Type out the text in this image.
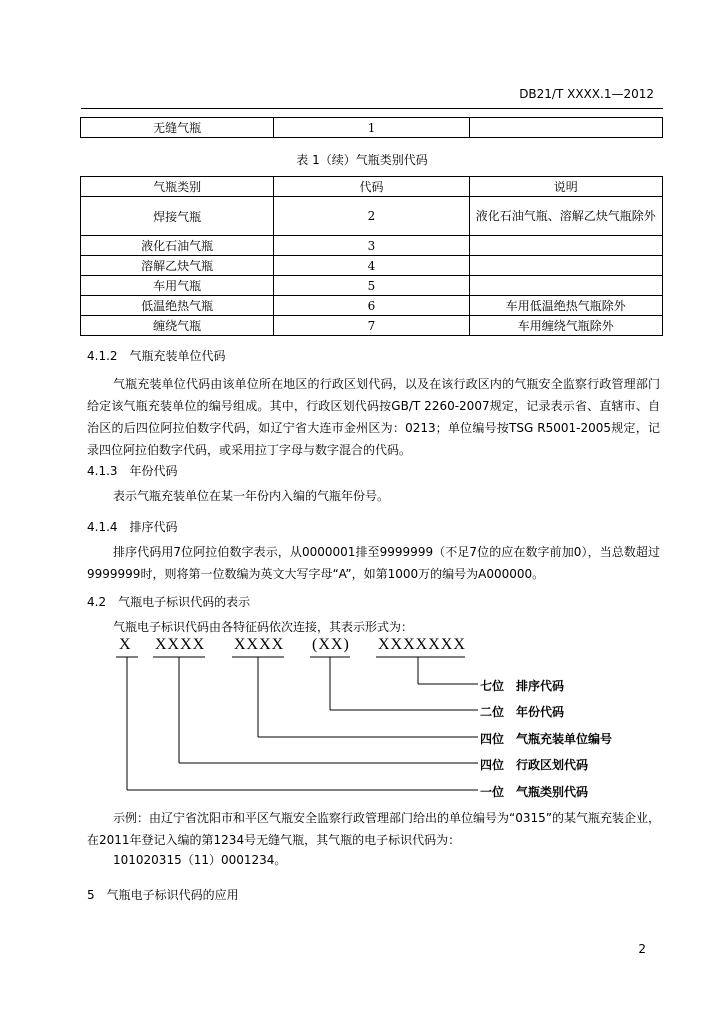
DB21/T XXXX.1—2012
无缝气瓶	1	
表 1（续）气瓶类别代码
气瓶类别	代码	说明
焊接气瓶	2	液化石油气瓶、溶解乙炔气瓶除外
液化石油气瓶	3	
溶解乙炔气瓶	4	
车用气瓶	5	
低温绝热气瓶	6	车用低温绝热气瓶除外
缠绕气瓶	7	车用缠绕气瓶除外
4.1.2　气瓶充装单位代码
气瓶充装单位代码由该单位所在地区的行政区划代码，以及在该行政区内的气瓶安全监察行政管理部门给定该气瓶充装单位的编号组成。其中，行政区划代码按GB/T 2260-2007规定，记录表示省、直辖市、自治区的后四位阿拉伯数字代码，如辽宁省大连市金州区为：0213；单位编号按TSG R5001-2005规定，记录四位阿拉伯数字代码，或采用拉丁字母与数字混合的代码。
4.1.3　年份代码
表示气瓶充装单位在某一年份内入编的气瓶年份号。
4.1.4　排序代码
排序代码用7位阿拉伯数字表示，从0000001排至9999999（不足7位的应在数字前加0），当总数超过9999999时，则将第一位数编为英文大写字母“A”，如第1000万的编号为A000000。
4.2　气瓶电子标识代码的表示
气瓶电子标识代码由各特征码依次连接，其表示形式为：
X XXXX XXXX (XX) XXXXXXX
七位　排序代码
二位　年份代码
四位　气瓶充装单位编号
四位　行政区划代码
一位　气瓶类别代码
示例：由辽宁省沈阳市和平区气瓶安全监察行政管理部门给出的单位编号为“0315”的某气瓶充装企业，在2011年登记入编的第1234号无缝气瓶，其气瓶的电子标识代码为：
101020315（11）0001234。
5　气瓶电子标识代码的应用
2
